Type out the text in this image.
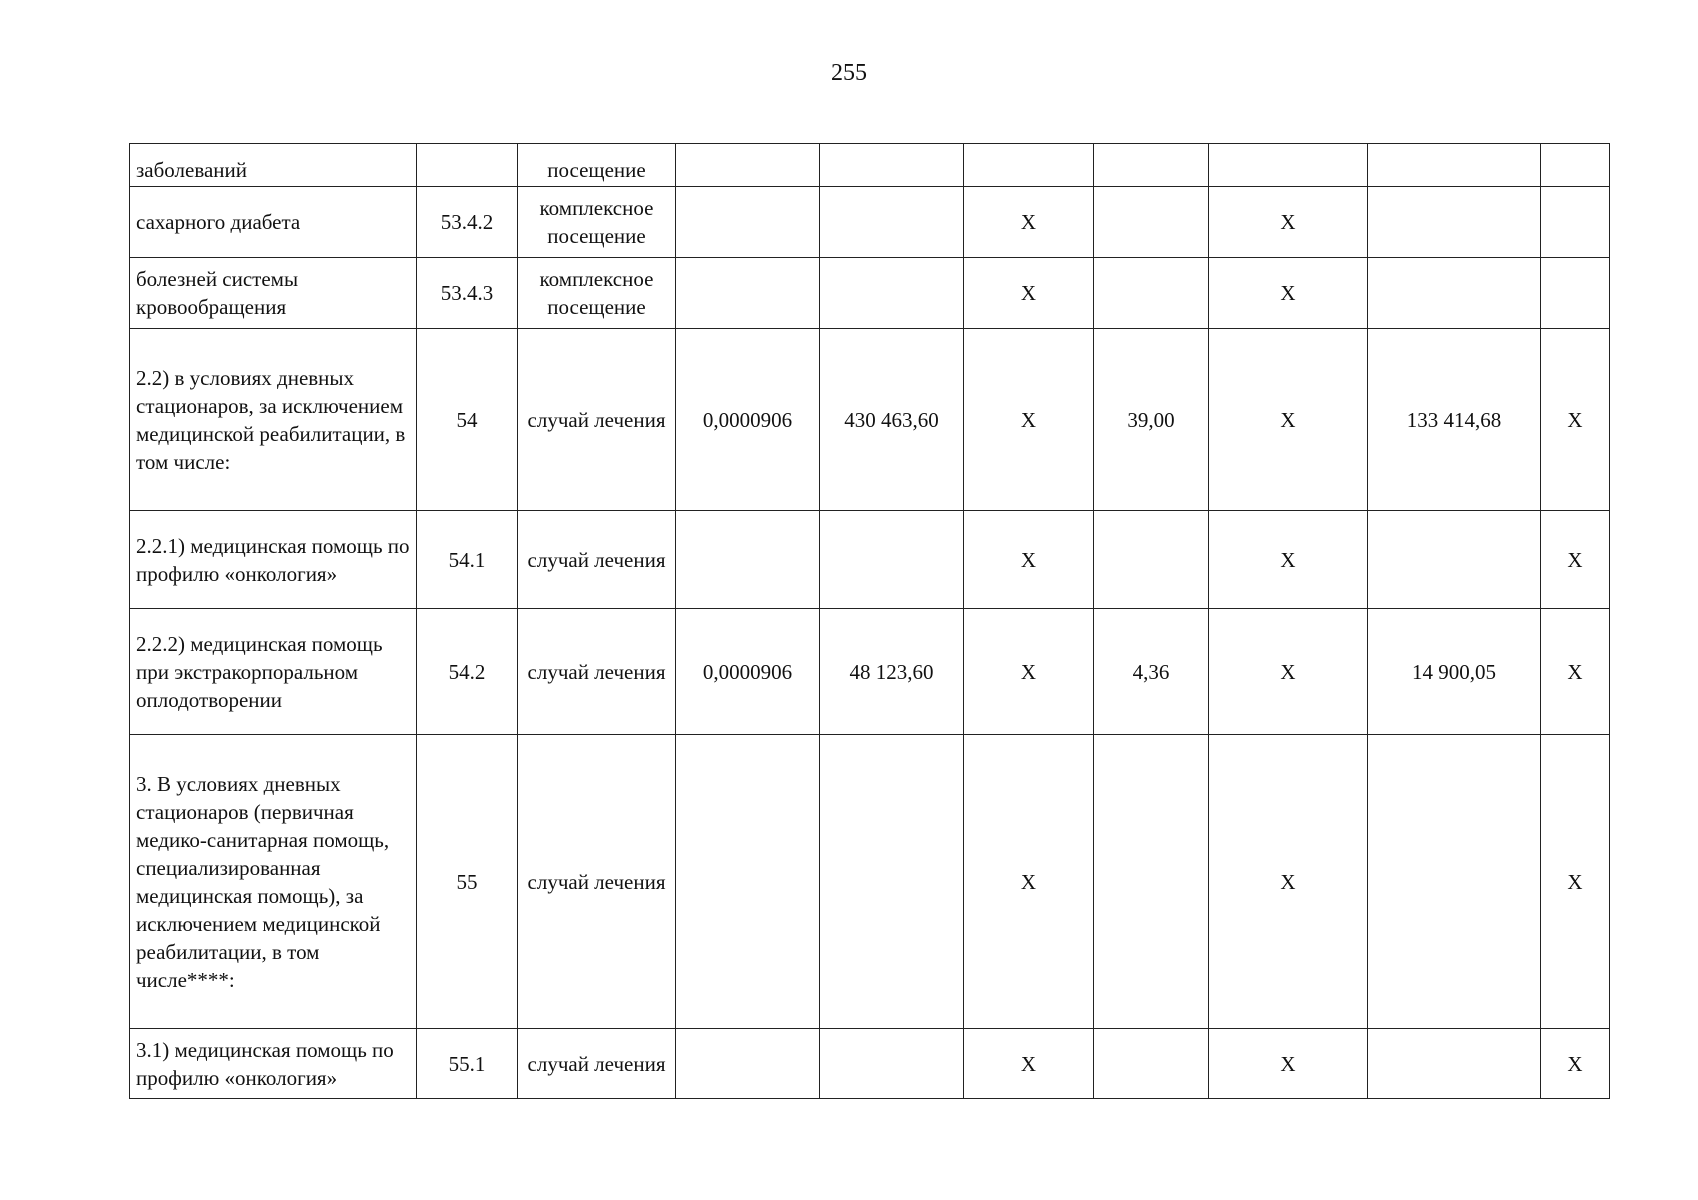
255
заболеваний		посещение							
сахарного диабета	53.4.2	комплексное посещение			X		X		
болезней системы кровообращения	53.4.3	комплексное посещение			X		X		
2.2) в условиях дневных стационаров, за исключением медицинской реабилитации, в том числе:	54	случай лечения	0,0000906	430 463,60	X	39,00	X	133 414,68	X
2.2.1) медицинская помощь по профилю «онкология»	54.1	случай лечения			X		X		X
2.2.2) медицинская помощь при экстракорпоральном оплодотворении	54.2	случай лечения	0,0000906	48 123,60	X	4,36	X	14 900,05	X
3. В условиях дневных стационаров (первичная медико-санитарная помощь, специализированная медицинская помощь), за исключением медицинской реабилитации, в том числе****:	55	случай лечения			X		X		X
3.1) медицинская помощь по профилю «онкология»	55.1	случай лечения			X		X		X
